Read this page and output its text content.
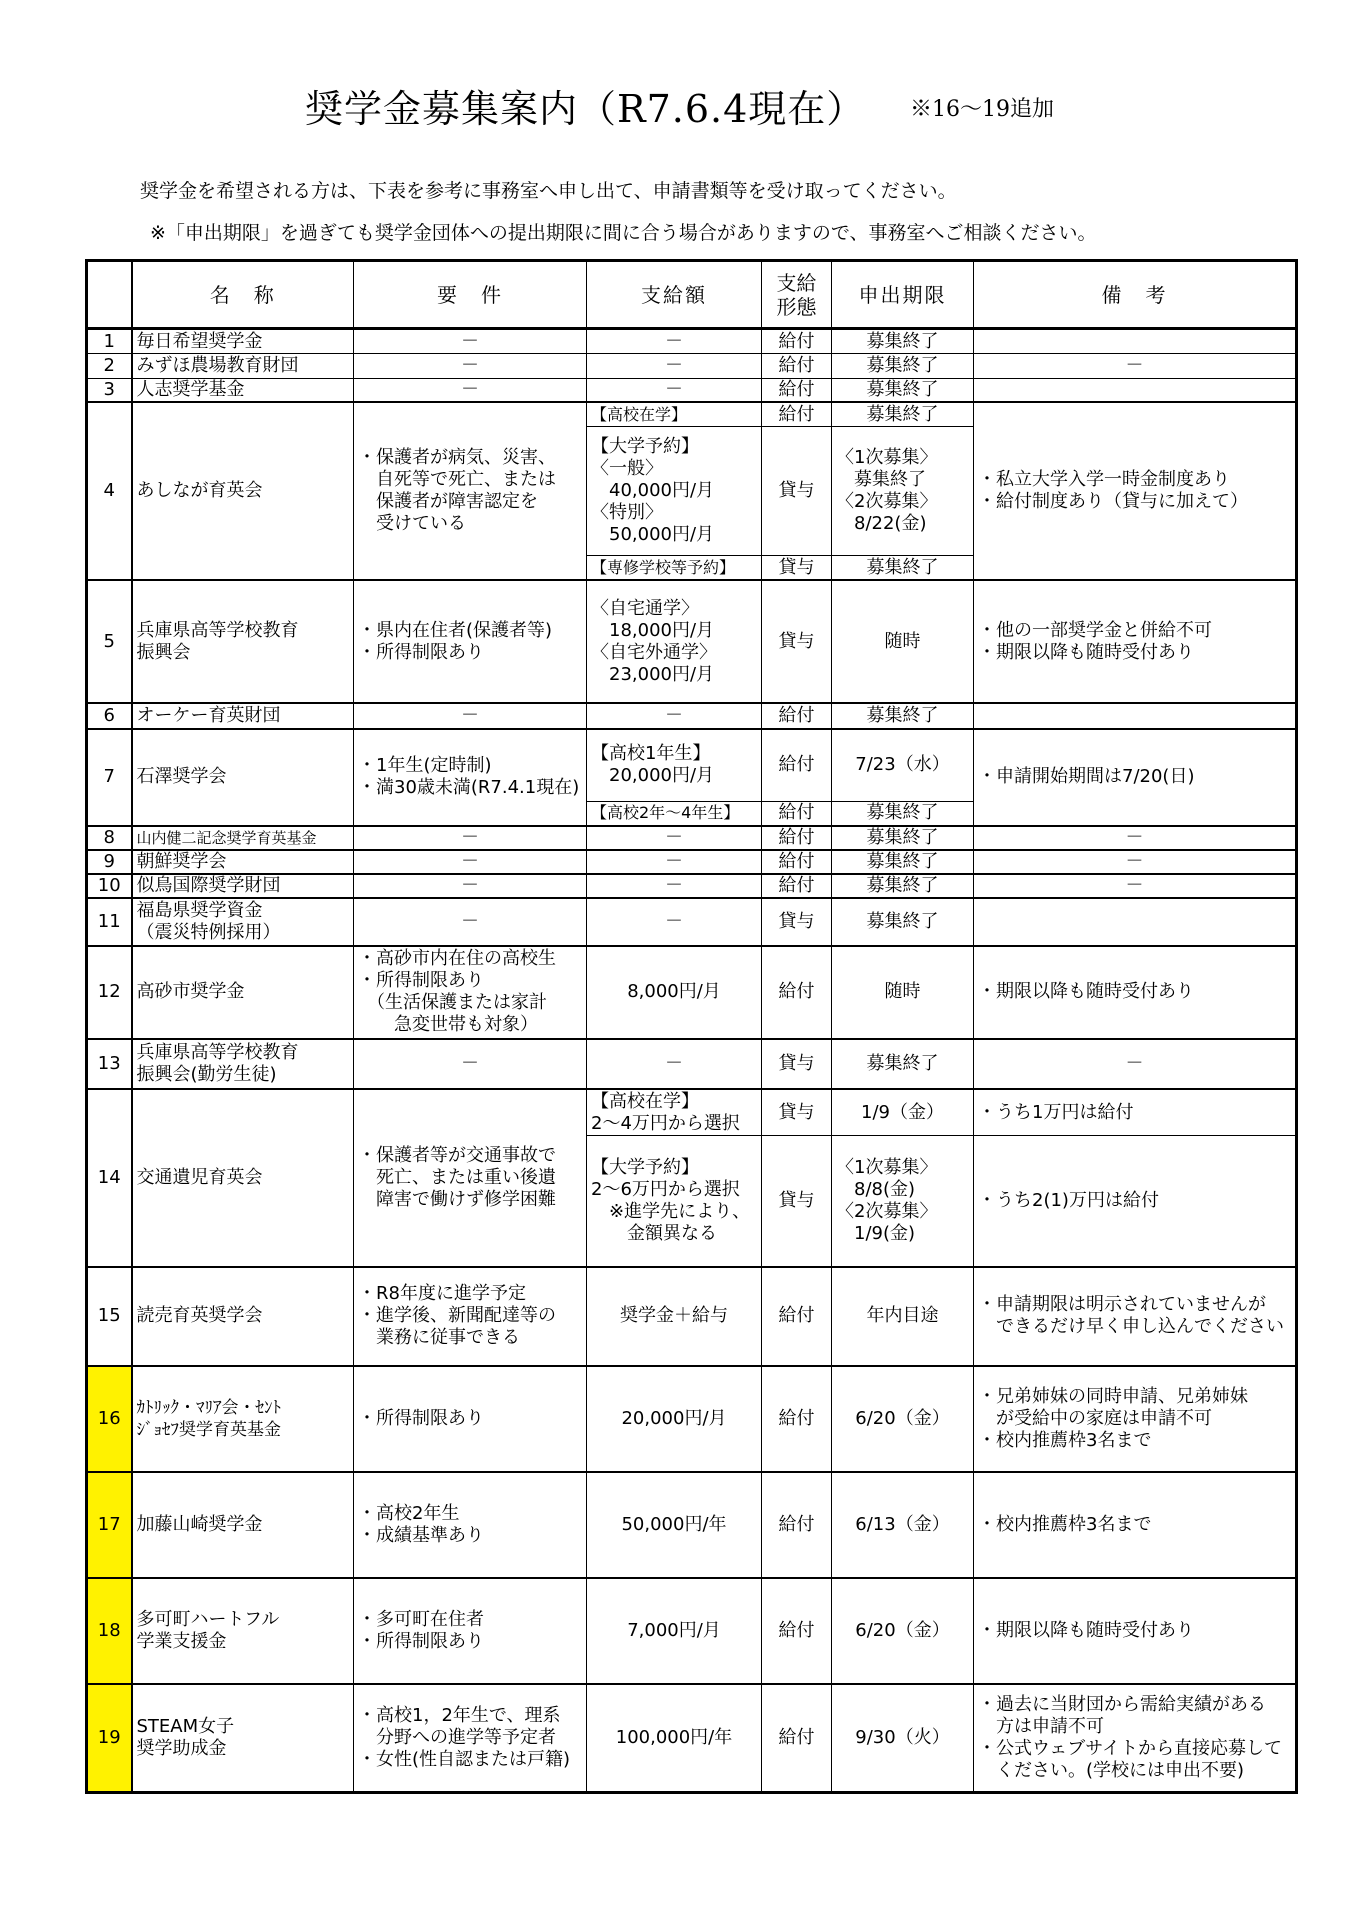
奨学金募集案内（R7.6.4現在） ※16～19追加
奨学金を希望される方は、下表を参考に事務室へ申し出て、申請書類等を受け取ってください。
※「申出期限」を過ぎても奨学金団体への提出期限に間に合う場合がありますので、事務室へご相談ください。
	名　称	要　件	支給額	支給
形態	申出期限	備　考
1	毎日希望奨学金	－	－	給付	募集終了	
2	みずほ農場教育財団	－	－	給付	募集終了	－
3	人志奨学基金	－	－	給付	募集終了	
4	あしなが育英会	・保護者が病気、災害、
　自死等で死亡、または
　保護者が障害認定を
　受けている	【高校在学】	給付	募集終了	・私立大学入学一時金制度あり
・給付制度あり（貸与に加えて）
			【大学予約】
〈一般〉
　40,000円/月
〈特別〉
　50,000円/月	貸与	〈1次募集〉
　募集終了
〈2次募集〉
　8/22(金)	
			【専修学校等予約】	貸与	募集終了	
5	兵庫県高等学校教育
振興会	・県内在住者(保護者等)
・所得制限あり	〈自宅通学〉
　18,000円/月
〈自宅外通学〉
　23,000円/月	貸与	随時	・他の一部奨学金と併給不可
・期限以降も随時受付あり
6	オーケー育英財団	－	－	給付	募集終了	
7	石澤奨学会	・1年生(定時制)
・満30歳未満(R7.4.1現在)	【高校1年生】
　20,000円/月	給付	7/23（水）	・申請開始期間は7/20(日)
			【高校2年～4年生】	給付	募集終了	
8	山内健二記念奨学育英基金	－	－	給付	募集終了	－
9	朝鮮奨学会	－	－	給付	募集終了	－
10	似鳥国際奨学財団	－	－	給付	募集終了	－
11	福島県奨学資金
（震災特例採用）	－	－	貸与	募集終了	
12	高砂市奨学金	・高砂市内在住の高校生
・所得制限あり
　（生活保護または家計
　　急変世帯も対象）	8,000円/月	給付	随時	・期限以降も随時受付あり
13	兵庫県高等学校教育
振興会(勤労生徒)	－	－	貸与	募集終了	－
14	交通遺児育英会	・保護者等が交通事故で
　死亡、または重い後遺
　障害で働けず修学困難	【高校在学】
2～4万円から選択	貸与	1/9（金）	・うち1万円は給付
			【大学予約】
2～6万円から選択
　※進学先により、
　　金額異なる	貸与	〈1次募集〉
　8/8(金)
〈2次募集〉
　1/9(金)	・うち2(1)万円は給付
15	読売育英奨学会	・R8年度に進学予定
・進学後、新聞配達等の
　業務に従事できる	奨学金＋給与	給付	年内目途	・申請期限は明示されていませんが
　できるだけ早く申し込んでください
16	ｶﾄﾘｯｸ・ﾏﾘｱ会・ｾﾝﾄ
ｼﾞｮｾﾌ奨学育英基金	・所得制限あり	20,000円/月	給付	6/20（金）	・兄弟姉妹の同時申請、兄弟姉妹
　が受給中の家庭は申請不可
・校内推薦枠3名まで
17	加藤山崎奨学金	・高校2年生
・成績基準あり	50,000円/年	給付	6/13（金）	・校内推薦枠3名まで
18	多可町ハートフル
学業支援金	・多可町在住者
・所得制限あり	7,000円/月	給付	6/20（金）	・期限以降も随時受付あり
19	STEAM女子
奨学助成金	・高校1，2年生で、理系
　分野への進学等予定者
・女性(性自認または戸籍)	100,000円/年	給付	9/30（火）	・過去に当財団から需給実績がある
　方は申請不可
・公式ウェブサイトから直接応募して
　ください。(学校には申出不要)
